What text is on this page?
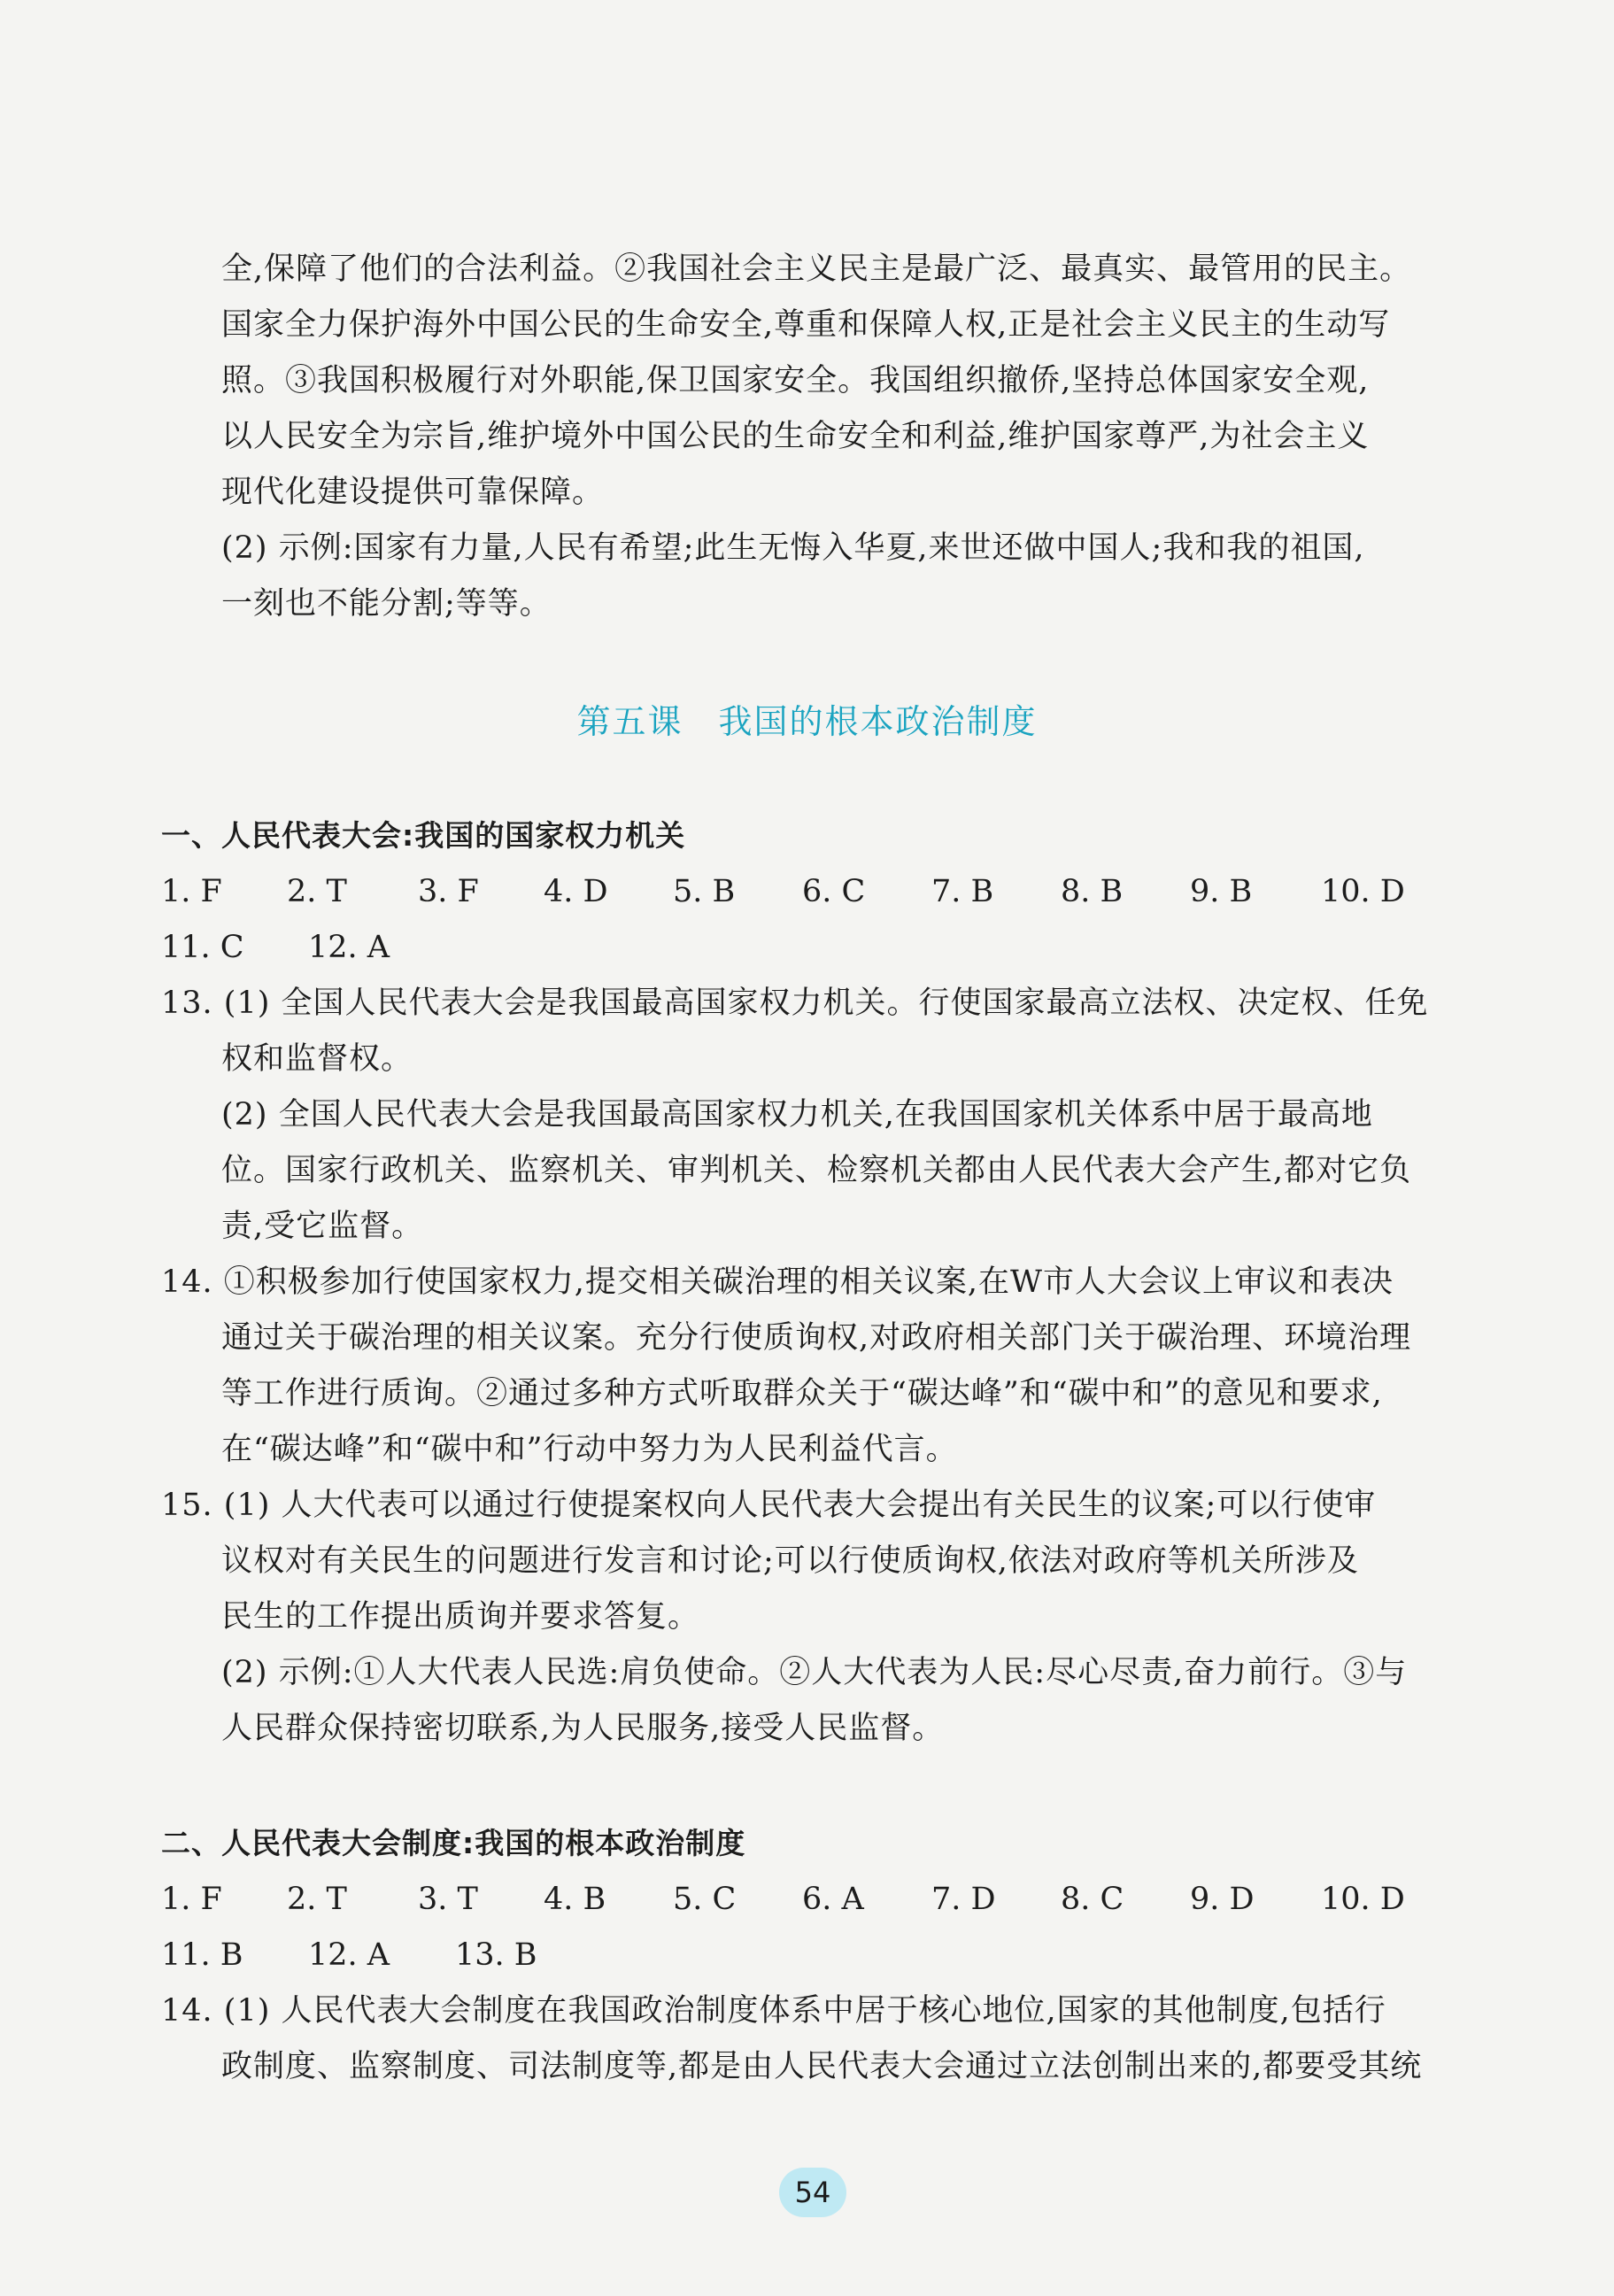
全,保障了他们的合法利益。②我国社会主义民主是最广泛、最真实、最管用的民主。
国家全力保护海外中国公民的生命安全,尊重和保障人权,正是社会主义民主的生动写
照。③我国积极履行对外职能,保卫国家安全。我国组织撤侨,坚持总体国家安全观,
以人民安全为宗旨,维护境外中国公民的生命安全和利益,维护国家尊严,为社会主义
现代化建设提供可靠保障。
(2) 示例:国家有力量,人民有希望;此生无悔入华夏,来世还做中国人;我和我的祖国,
一刻也不能分割;等等。
第五课　我国的根本政治制度
一、人民代表大会:我国的国家权力机关
1. F 2. T 3. F 4. D 5. B 6. C 7. B 8. B 9. B 10. D
11. C 12. A
13. (1) 全国人民代表大会是我国最高国家权力机关。行使国家最高立法权、决定权、任免
权和监督权。
(2) 全国人民代表大会是我国最高国家权力机关,在我国国家机关体系中居于最高地
位。国家行政机关、监察机关、审判机关、检察机关都由人民代表大会产生,都对它负
责,受它监督。
14. ①积极参加行使国家权力,提交相关碳治理的相关议案,在W市人大会议上审议和表决
通过关于碳治理的相关议案。充分行使质询权,对政府相关部门关于碳治理、环境治理
等工作进行质询。②通过多种方式听取群众关于“碳达峰”和“碳中和”的意见和要求,
在“碳达峰”和“碳中和”行动中努力为人民利益代言。
15. (1) 人大代表可以通过行使提案权向人民代表大会提出有关民生的议案;可以行使审
议权对有关民生的问题进行发言和讨论;可以行使质询权,依法对政府等机关所涉及
民生的工作提出质询并要求答复。
(2) 示例:①人大代表人民选:肩负使命。②人大代表为人民:尽心尽责,奋力前行。③与
人民群众保持密切联系,为人民服务,接受人民监督。
二、人民代表大会制度:我国的根本政治制度
1. F 2. T 3. T 4. B 5. C 6. A 7. D 8. C 9. D 10. D
11. B 12. A 13. B
14. (1) 人民代表大会制度在我国政治制度体系中居于核心地位,国家的其他制度,包括行
政制度、监察制度、司法制度等,都是由人民代表大会通过立法创制出来的,都要受其统
54
